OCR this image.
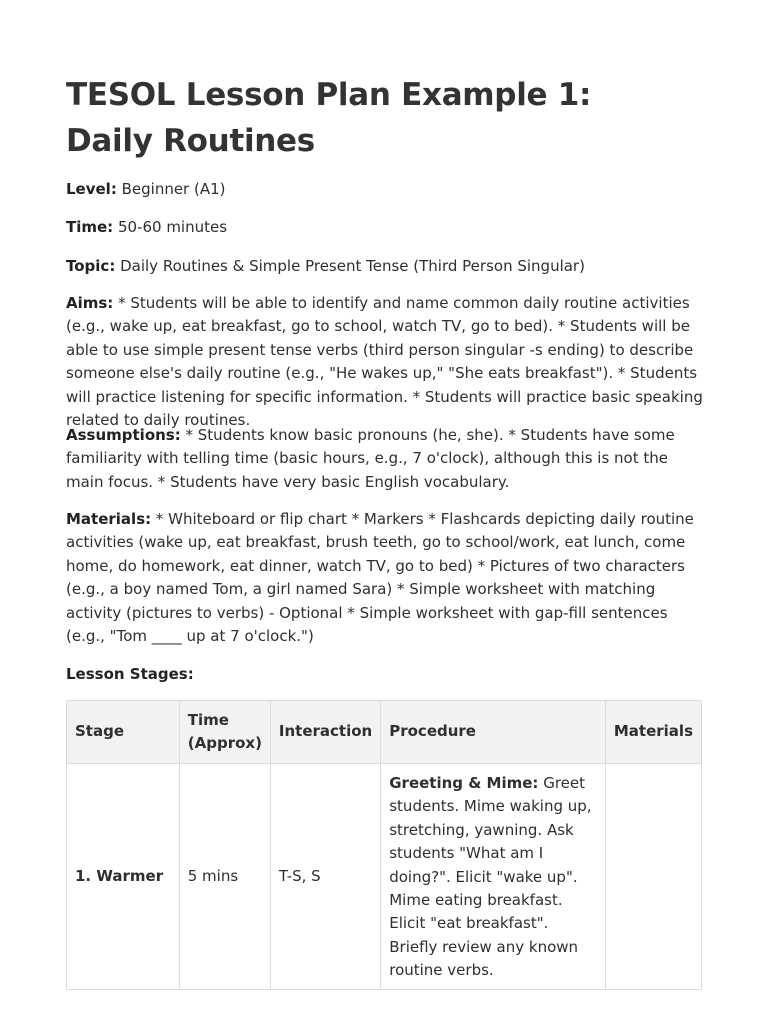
TESOL Lesson Plan Example 1: Daily Routines

Level: Beginner (A1)

Time: 50-60 minutes

Topic: Daily Routines & Simple Present Tense (Third Person Singular)

Aims: * Students will be able to identify and name common daily routine activities (e.g., wake up, eat breakfast, go to school, watch TV, go to bed). * Students will be able to use simple present tense verbs (third person singular -s ending) to describe someone else's daily routine (e.g., "He wakes up," "She eats breakfast"). * Students will practice listening for specific information. * Students will practice basic speaking related to daily routines.

Assumptions: * Students know basic pronouns (he, she). * Students have some familiarity with telling time (basic hours, e.g., 7 o'clock), although this is not the main focus. * Students have very basic English vocabulary.

Materials: * Whiteboard or flip chart * Markers * Flashcards depicting daily routine activities (wake up, eat breakfast, brush teeth, go to school/work, eat lunch, come home, do homework, eat dinner, watch TV, go to bed) * Pictures of two characters (e.g., a boy named Tom, a girl named Sara) * Simple worksheet with matching activity (pictures to verbs) - Optional * Simple worksheet with gap-fill sentences (e.g., "Tom ____ up at 7 o'clock.")

Lesson Stages:

Stage	Time (Approx)	Interaction	Procedure	Materials
1. Warmer	5 mins	T-S, S	Greeting & Mime: Greet students. Mime waking up, stretching, yawning. Ask students "What am I doing?". Elicit "wake up". Mime eating breakfast. Elicit "eat breakfast". Briefly review any known routine verbs.	
